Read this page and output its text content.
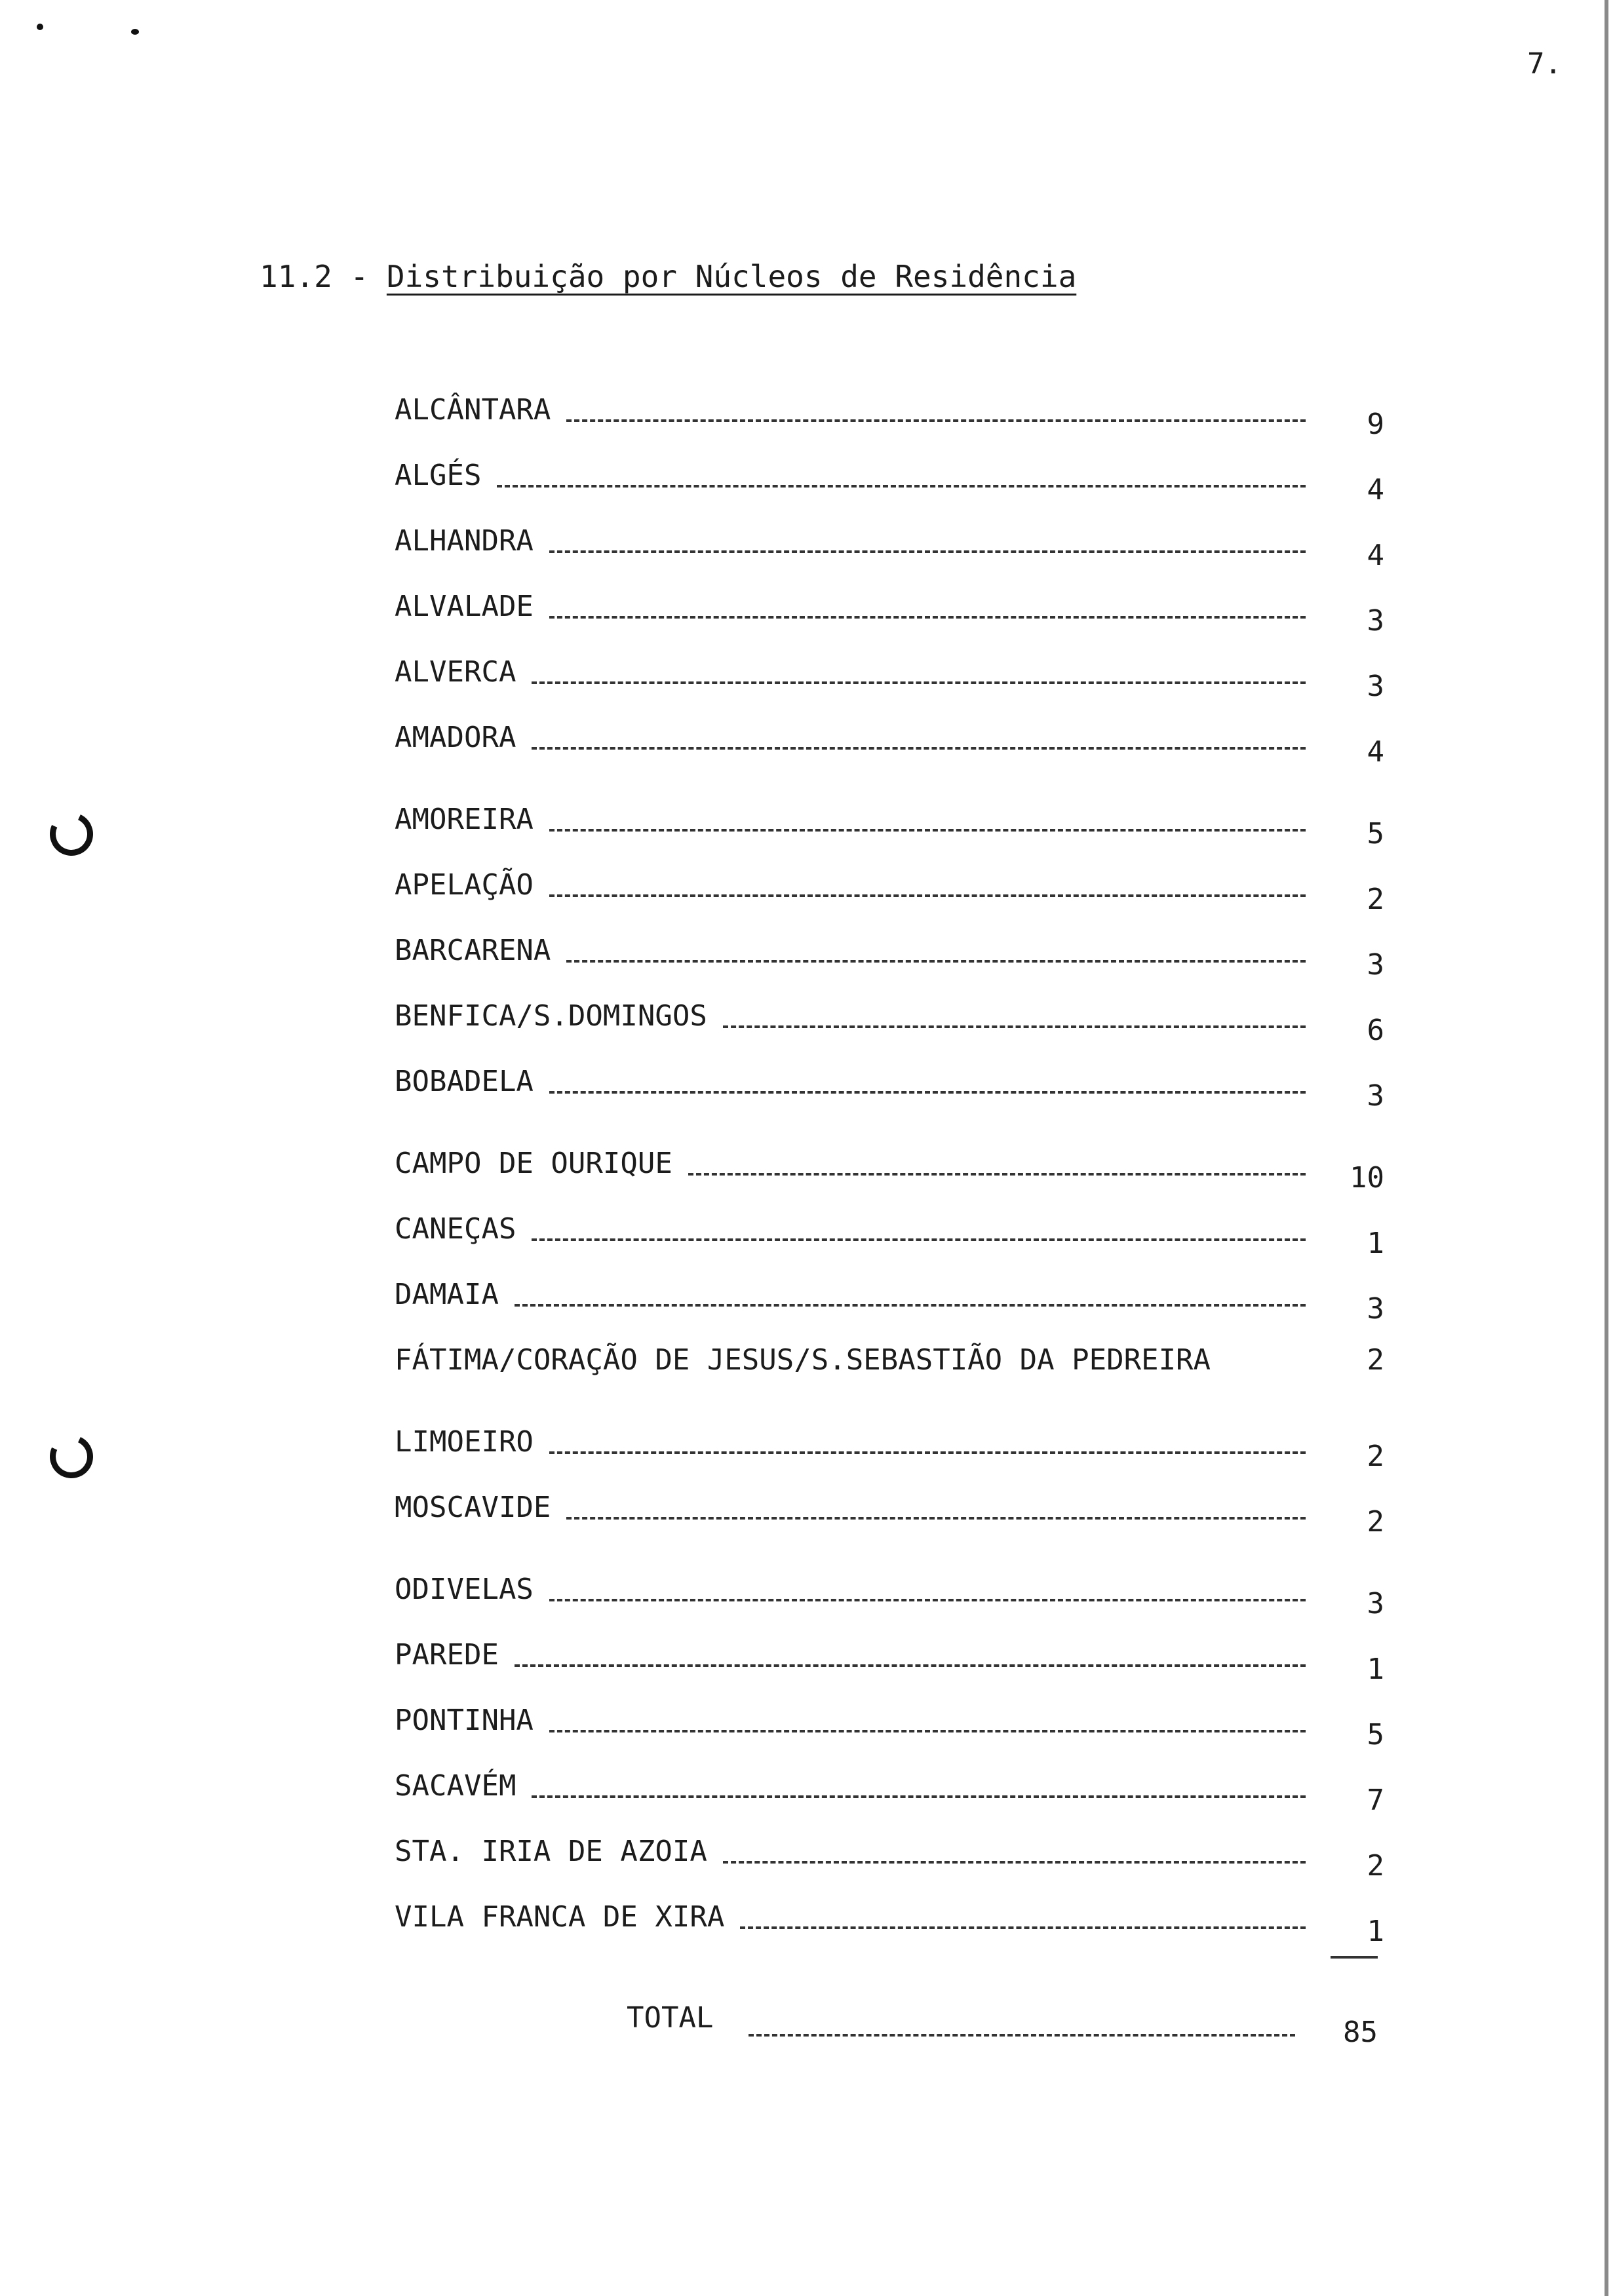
7.
11.2 - Distribuição por Núcleos de Residência
ALCÂNTARA	9
ALGÉS	4
ALHANDRA	4
ALVALADE	3
ALVERCA	3
AMADORA	4
AMOREIRA	5
APELAÇÃO	2
BARCARENA	3
BENFICA/S.DOMINGOS	6
BOBADELA	3
CAMPO DE OURIQUE	10
CANEÇAS	1
DAMAIA	3
FÁTIMA/CORAÇÃO DE JESUS/S.SEBASTIÃO DA PEDREIRA	2
LIMOEIRO	2
MOSCAVIDE	2
ODIVELAS	3
PAREDE	1
PONTINHA	5
SACAVÉM	7
STA. IRIA DE AZOIA	2
VILA FRANCA DE XIRA	1
TOTAL	85
